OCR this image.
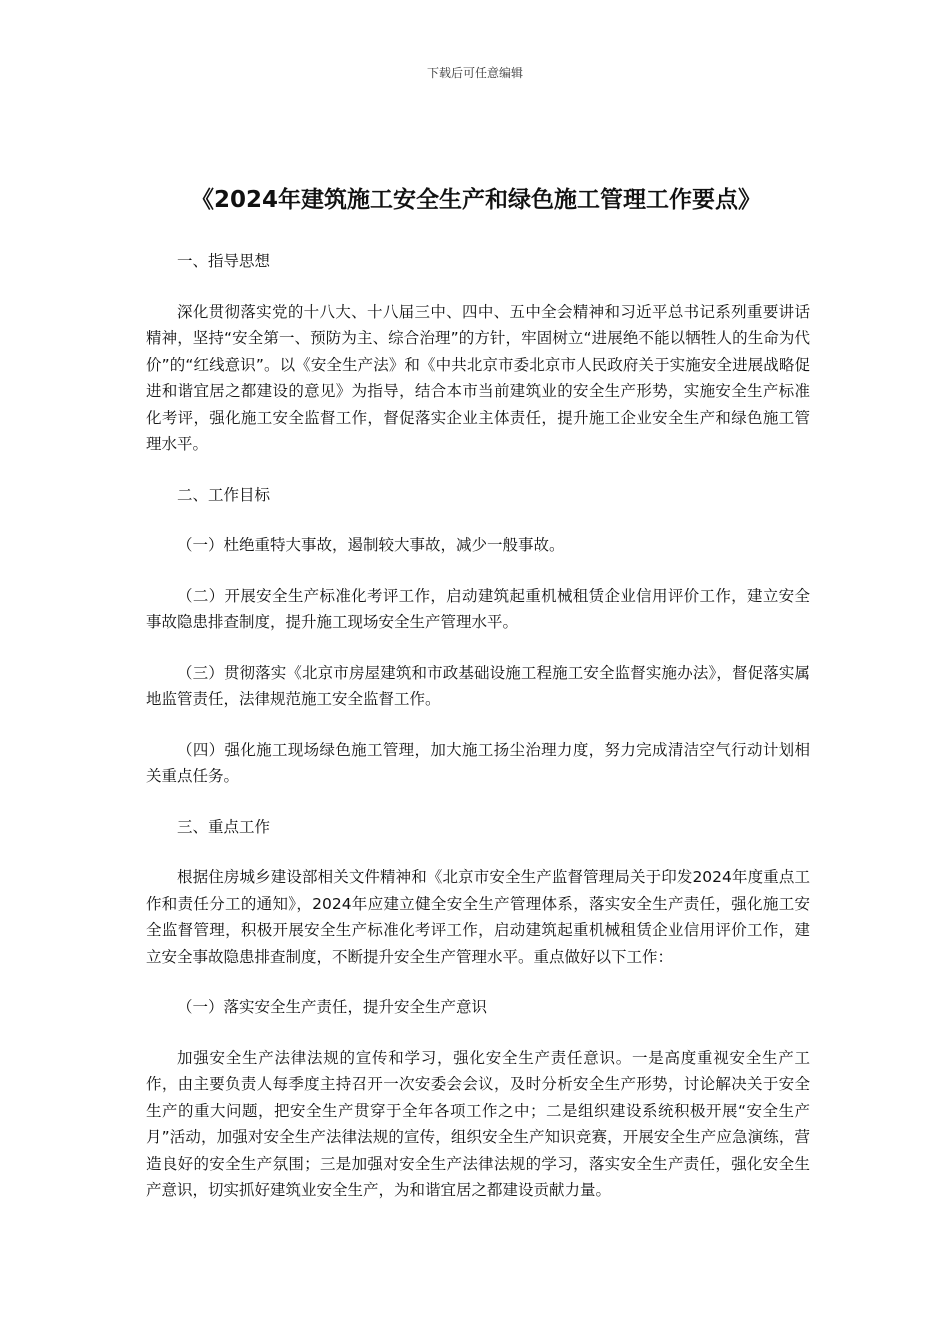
下载后可任意编辑
《2024年建筑施工安全生产和绿色施工管理工作要点》

一、指导思想

深化贯彻落实党的十八大、十八届三中、四中、五中全会精神和习近平总书记系列重要讲话精神，坚持“安全第一、预防为主、综合治理”的方针，牢固树立“进展绝不能以牺牲人的生命为代价”的“红线意识”。以《安全生产法》和《中共北京市委北京市人民政府关于实施安全进展战略促进和谐宜居之都建设的意见》为指导，结合本市当前建筑业的安全生产形势，实施安全生产标准化考评，强化施工安全监督工作，督促落实企业主体责任，提升施工企业安全生产和绿色施工管理水平。

二、工作目标

（一）杜绝重特大事故，遏制较大事故，减少一般事故。

（二）开展安全生产标准化考评工作，启动建筑起重机械租赁企业信用评价工作，建立安全事故隐患排查制度，提升施工现场安全生产管理水平。

（三）贯彻落实《北京市房屋建筑和市政基础设施工程施工安全监督实施办法》，督促落实属地监管责任，法律规范施工安全监督工作。

（四）强化施工现场绿色施工管理，加大施工扬尘治理力度，努力完成清洁空气行动计划相关重点任务。

三、重点工作

根据住房城乡建设部相关文件精神和《北京市安全生产监督管理局关于印发2024年度重点工作和责任分工的通知》，2024年应建立健全安全生产管理体系，落实安全生产责任，强化施工安全监督管理，积极开展安全生产标准化考评工作，启动建筑起重机械租赁企业信用评价工作，建立安全事故隐患排查制度，不断提升安全生产管理水平。重点做好以下工作：

（一）落实安全生产责任，提升安全生产意识

加强安全生产法律法规的宣传和学习，强化安全生产责任意识。一是高度重视安全生产工作，由主要负责人每季度主持召开一次安委会会议，及时分析安全生产形势，讨论解决关于安全生产的重大问题，把安全生产贯穿于全年各项工作之中；二是组织建设系统积极开展“安全生产月”活动，加强对安全生产法律法规的宣传，组织安全生产知识竞赛，开展安全生产应急演练，营造良好的安全生产氛围；三是加强对安全生产法律法规的学习，落实安全生产责任，强化安全生产意识，切实抓好建筑业安全生产，为和谐宜居之都建设贡献力量。
